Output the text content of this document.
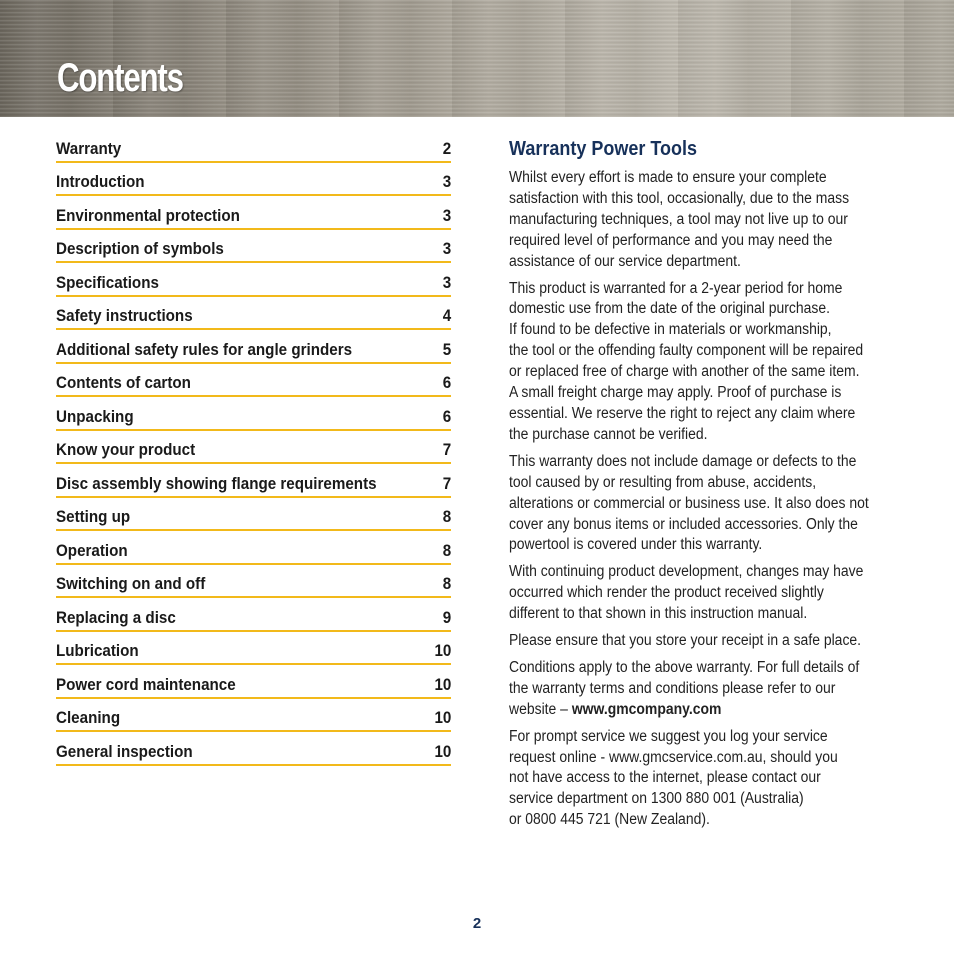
Contents
Warranty	2
Introduction	3
Environmental protection	3
Description of symbols	3
Specifications	3
Safety instructions	4
Additional safety rules for angle grinders	5
Contents of carton	6
Unpacking	6
Know your product	7
Disc assembly showing flange requirements	7
Setting up	8
Operation	8
Switching on and off	8
Replacing a disc	9
Lubrication	10
Power cord maintenance	10
Cleaning	10
General inspection	10
Warranty Power Tools

Whilst every effort is made to ensure your complete
satisfaction with this tool, occasionally, due to the mass
manufacturing techniques, a tool may not live up to our
required level of performance and you may need the
assistance of our service department.

This product is warranted for a 2-year period for home
domestic use from the date of the original purchase.
If found to be defective in materials or workmanship,
the tool or the offending faulty component will be repaired
or replaced free of charge with another of the same item.
A small freight charge may apply. Proof of purchase is
essential. We reserve the right to reject any claim where
the purchase cannot be verified.

This warranty does not include damage or defects to the
tool caused by or resulting from abuse, accidents,
alterations or commercial or business use. It also does not
cover any bonus items or included accessories. Only the
powertool is covered under this warranty.

With continuing product development, changes may have
occurred which render the product received slightly
different to that shown in this instruction manual.

Please ensure that you store your receipt in a safe place.

Conditions apply to the above warranty. For full details of
the warranty terms and conditions please refer to our
website – www.gmcompany.com

For prompt service we suggest you log your service
request online - www.gmcservice.com.au, should you
not have access to the internet, please contact our
service department on 1300 880 001 (Australia)
or 0800 445 721 (New Zealand).

2
